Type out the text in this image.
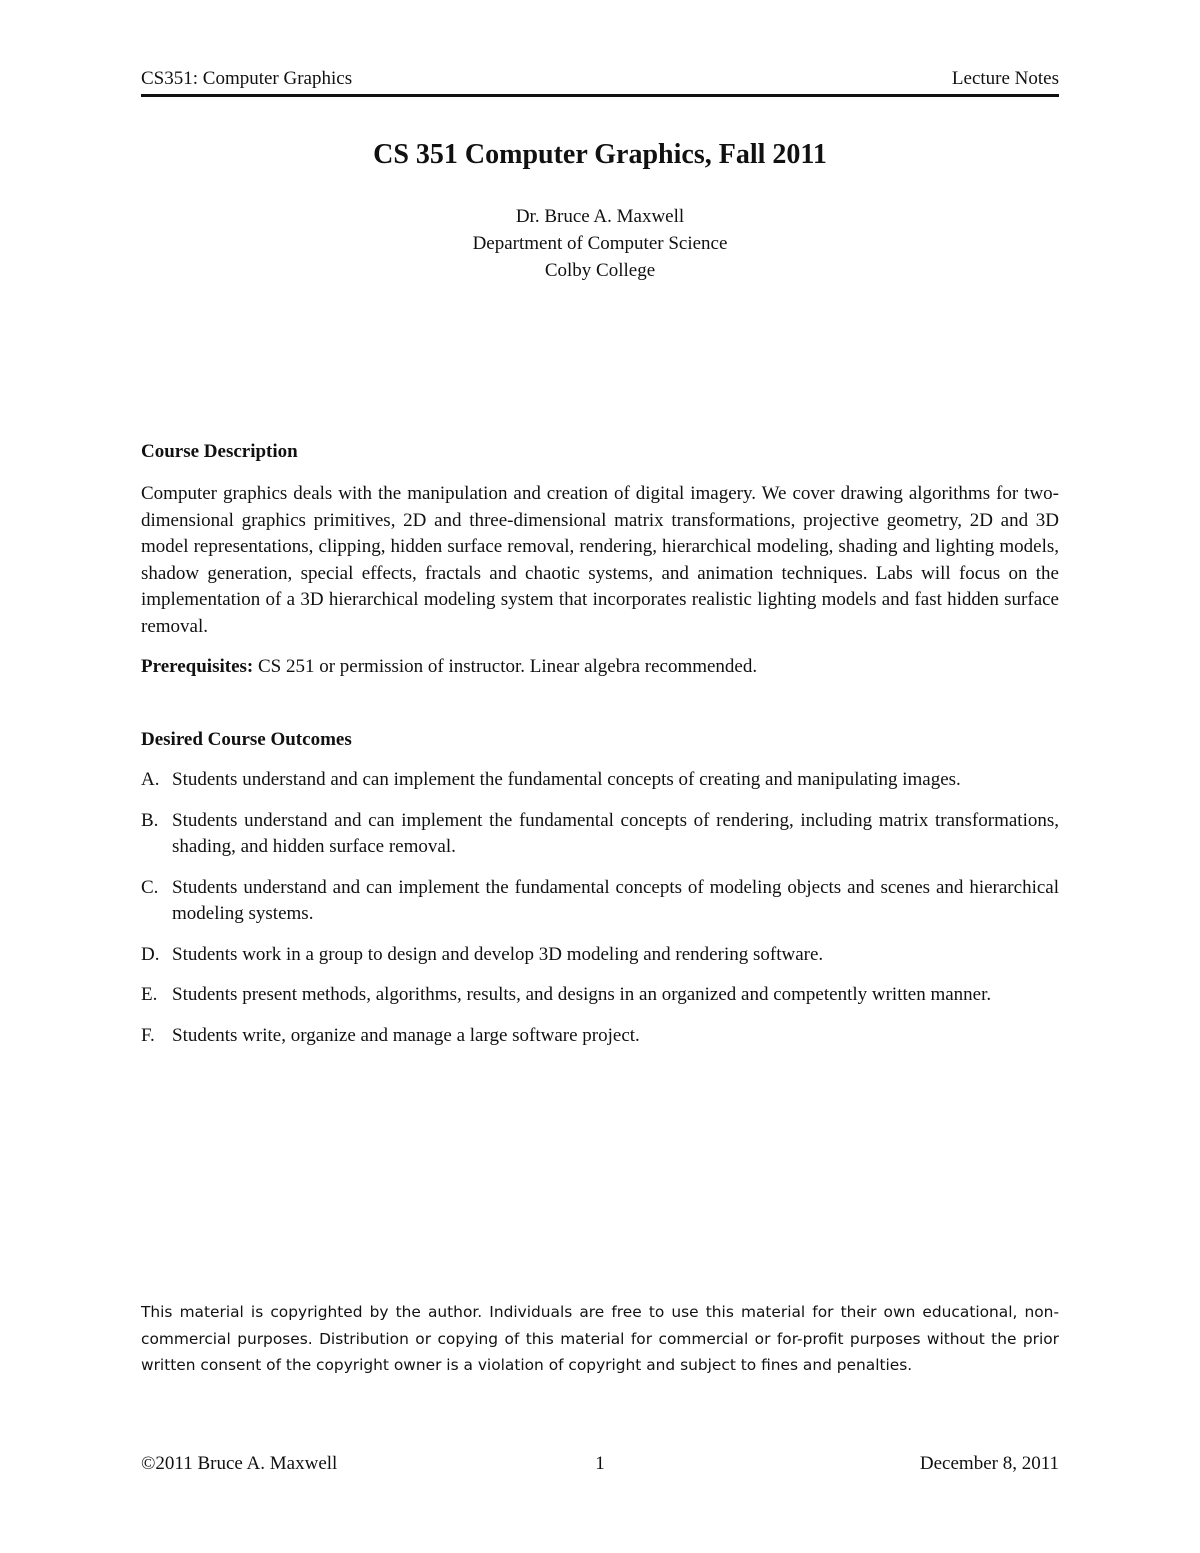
CS351: Computer Graphics	Lecture Notes
CS 351 Computer Graphics, Fall 2011
Dr. Bruce A. Maxwell
Department of Computer Science
Colby College
Course Description

Computer graphics deals with the manipulation and creation of digital imagery. We cover drawing algorithms for two-dimensional graphics primitives, 2D and three-dimensional matrix transformations, projective geometry, 2D and 3D model representations, clipping, hidden surface removal, rendering, hierarchical modeling, shading and lighting models, shadow generation, special effects, fractals and chaotic systems, and animation techniques. Labs will focus on the implementation of a 3D hierarchical modeling system that incorporates realistic lighting models and fast hidden surface removal.

Prerequisites: CS 251 or permission of instructor. Linear algebra recommended.

Desired Course Outcomes
A. Students understand and can implement the fundamental concepts of creating and manipulating images.
B. Students understand and can implement the fundamental concepts of rendering, including matrix transformations, shading, and hidden surface removal.
C. Students understand and can implement the fundamental concepts of modeling objects and scenes and hierarchical modeling systems.
D. Students work in a group to design and develop 3D modeling and rendering software.
E. Students present methods, algorithms, results, and designs in an organized and competently written manner.
F. Students write, organize and manage a large software project.

This material is copyrighted by the author. Individuals are free to use this material for their own educational, non-commercial purposes. Distribution or copying of this material for commercial or for-profit purposes without the prior written consent of the copyright owner is a violation of copyright and subject to fines and penalties.

©2011 Bruce A. Maxwell	1	December 8, 2011
